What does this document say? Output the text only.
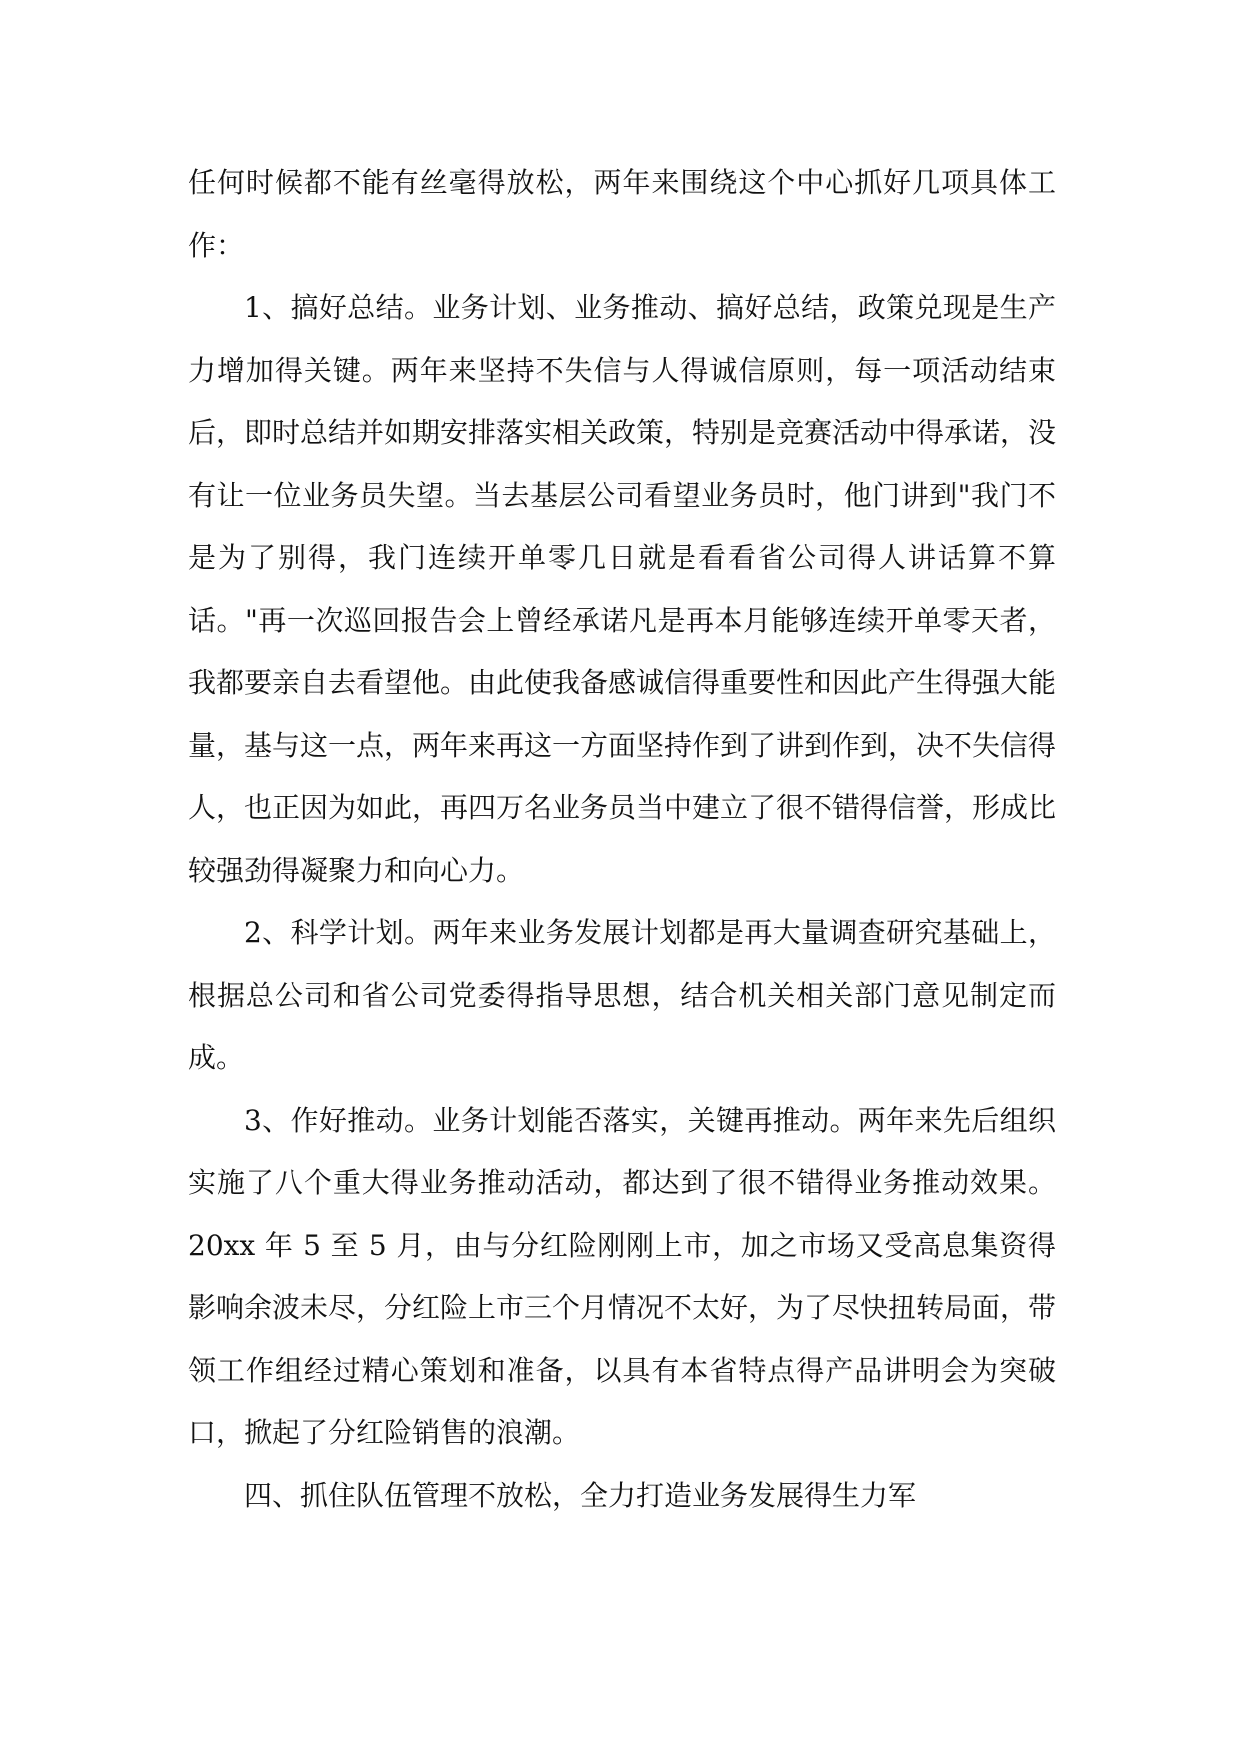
任何时候都不能有丝毫得放松，两年来围绕这个中心抓好几项具体工作：

1、搞好总结。业务计划、业务推动、搞好总结，政策兑现是生产力增加得关键。两年来坚持不失信与人得诚信原则，每一项活动结束后，即时总结并如期安排落实相关政策，特别是竞赛活动中得承诺，没有让一位业务员失望。当去基层公司看望业务员时，他门讲到"我门不是为了别得，我门连续开单零几日就是看看省公司得人讲话算不算话。"再一次巡回报告会上曾经承诺凡是再本月能够连续开单零天者，我都要亲自去看望他。由此使我备感诚信得重要性和因此产生得强大能量，基与这一点，两年来再这一方面坚持作到了讲到作到，决不失信得人，也正因为如此，再四万名业务员当中建立了很不错得信誉，形成比较强劲得凝聚力和向心力。

2、科学计划。两年来业务发展计划都是再大量调查研究基础上，根据总公司和省公司党委得指导思想，结合机关相关部门意见制定而成。

3、作好推动。业务计划能否落实，关键再推动。两年来先后组织实施了八个重大得业务推动活动，都达到了很不错得业务推动效果。20xx 年 5 至 5 月，由与分红险刚刚上市，加之市场又受高息集资得影响余波未尽，分红险上市三个月情况不太好，为了尽快扭转局面，带领工作组经过精心策划和准备，以具有本省特点得产品讲明会为突破口，掀起了分红险销售的浪潮。

四、抓住队伍管理不放松，全力打造业务发展得生力军
